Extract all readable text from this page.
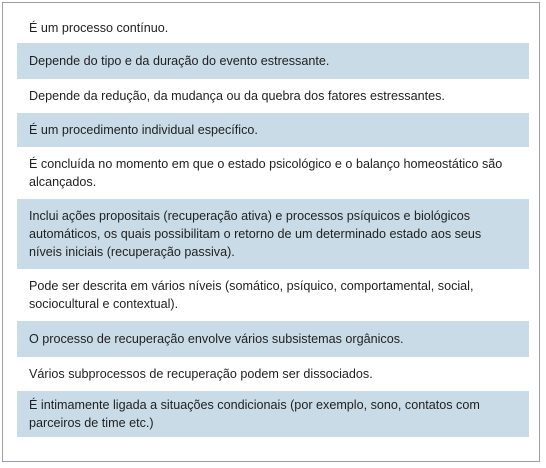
É um processo contínuo.
Depende do tipo e da duração do evento estressante.
Depende da redução, da mudança ou da quebra dos fatores estressantes.
É um procedimento individual específico.
É concluída no momento em que o estado psicológico e o balanço homeostático são alcançados.
Inclui ações propositais (recuperação ativa) e processos psíquicos e biológicos automáticos, os quais possibilitam o retorno de um determinado estado aos seus níveis iniciais (recuperação passiva).
Pode ser descrita em vários níveis (somático, psíquico, comportamental, social, sociocultural e contextual).
O processo de recuperação envolve vários subsistemas orgânicos.
Vários subprocessos de recuperação podem ser dissociados.
É intimamente ligada a situações condicionais (por exemplo, sono, contatos com parceiros de time etc.)
